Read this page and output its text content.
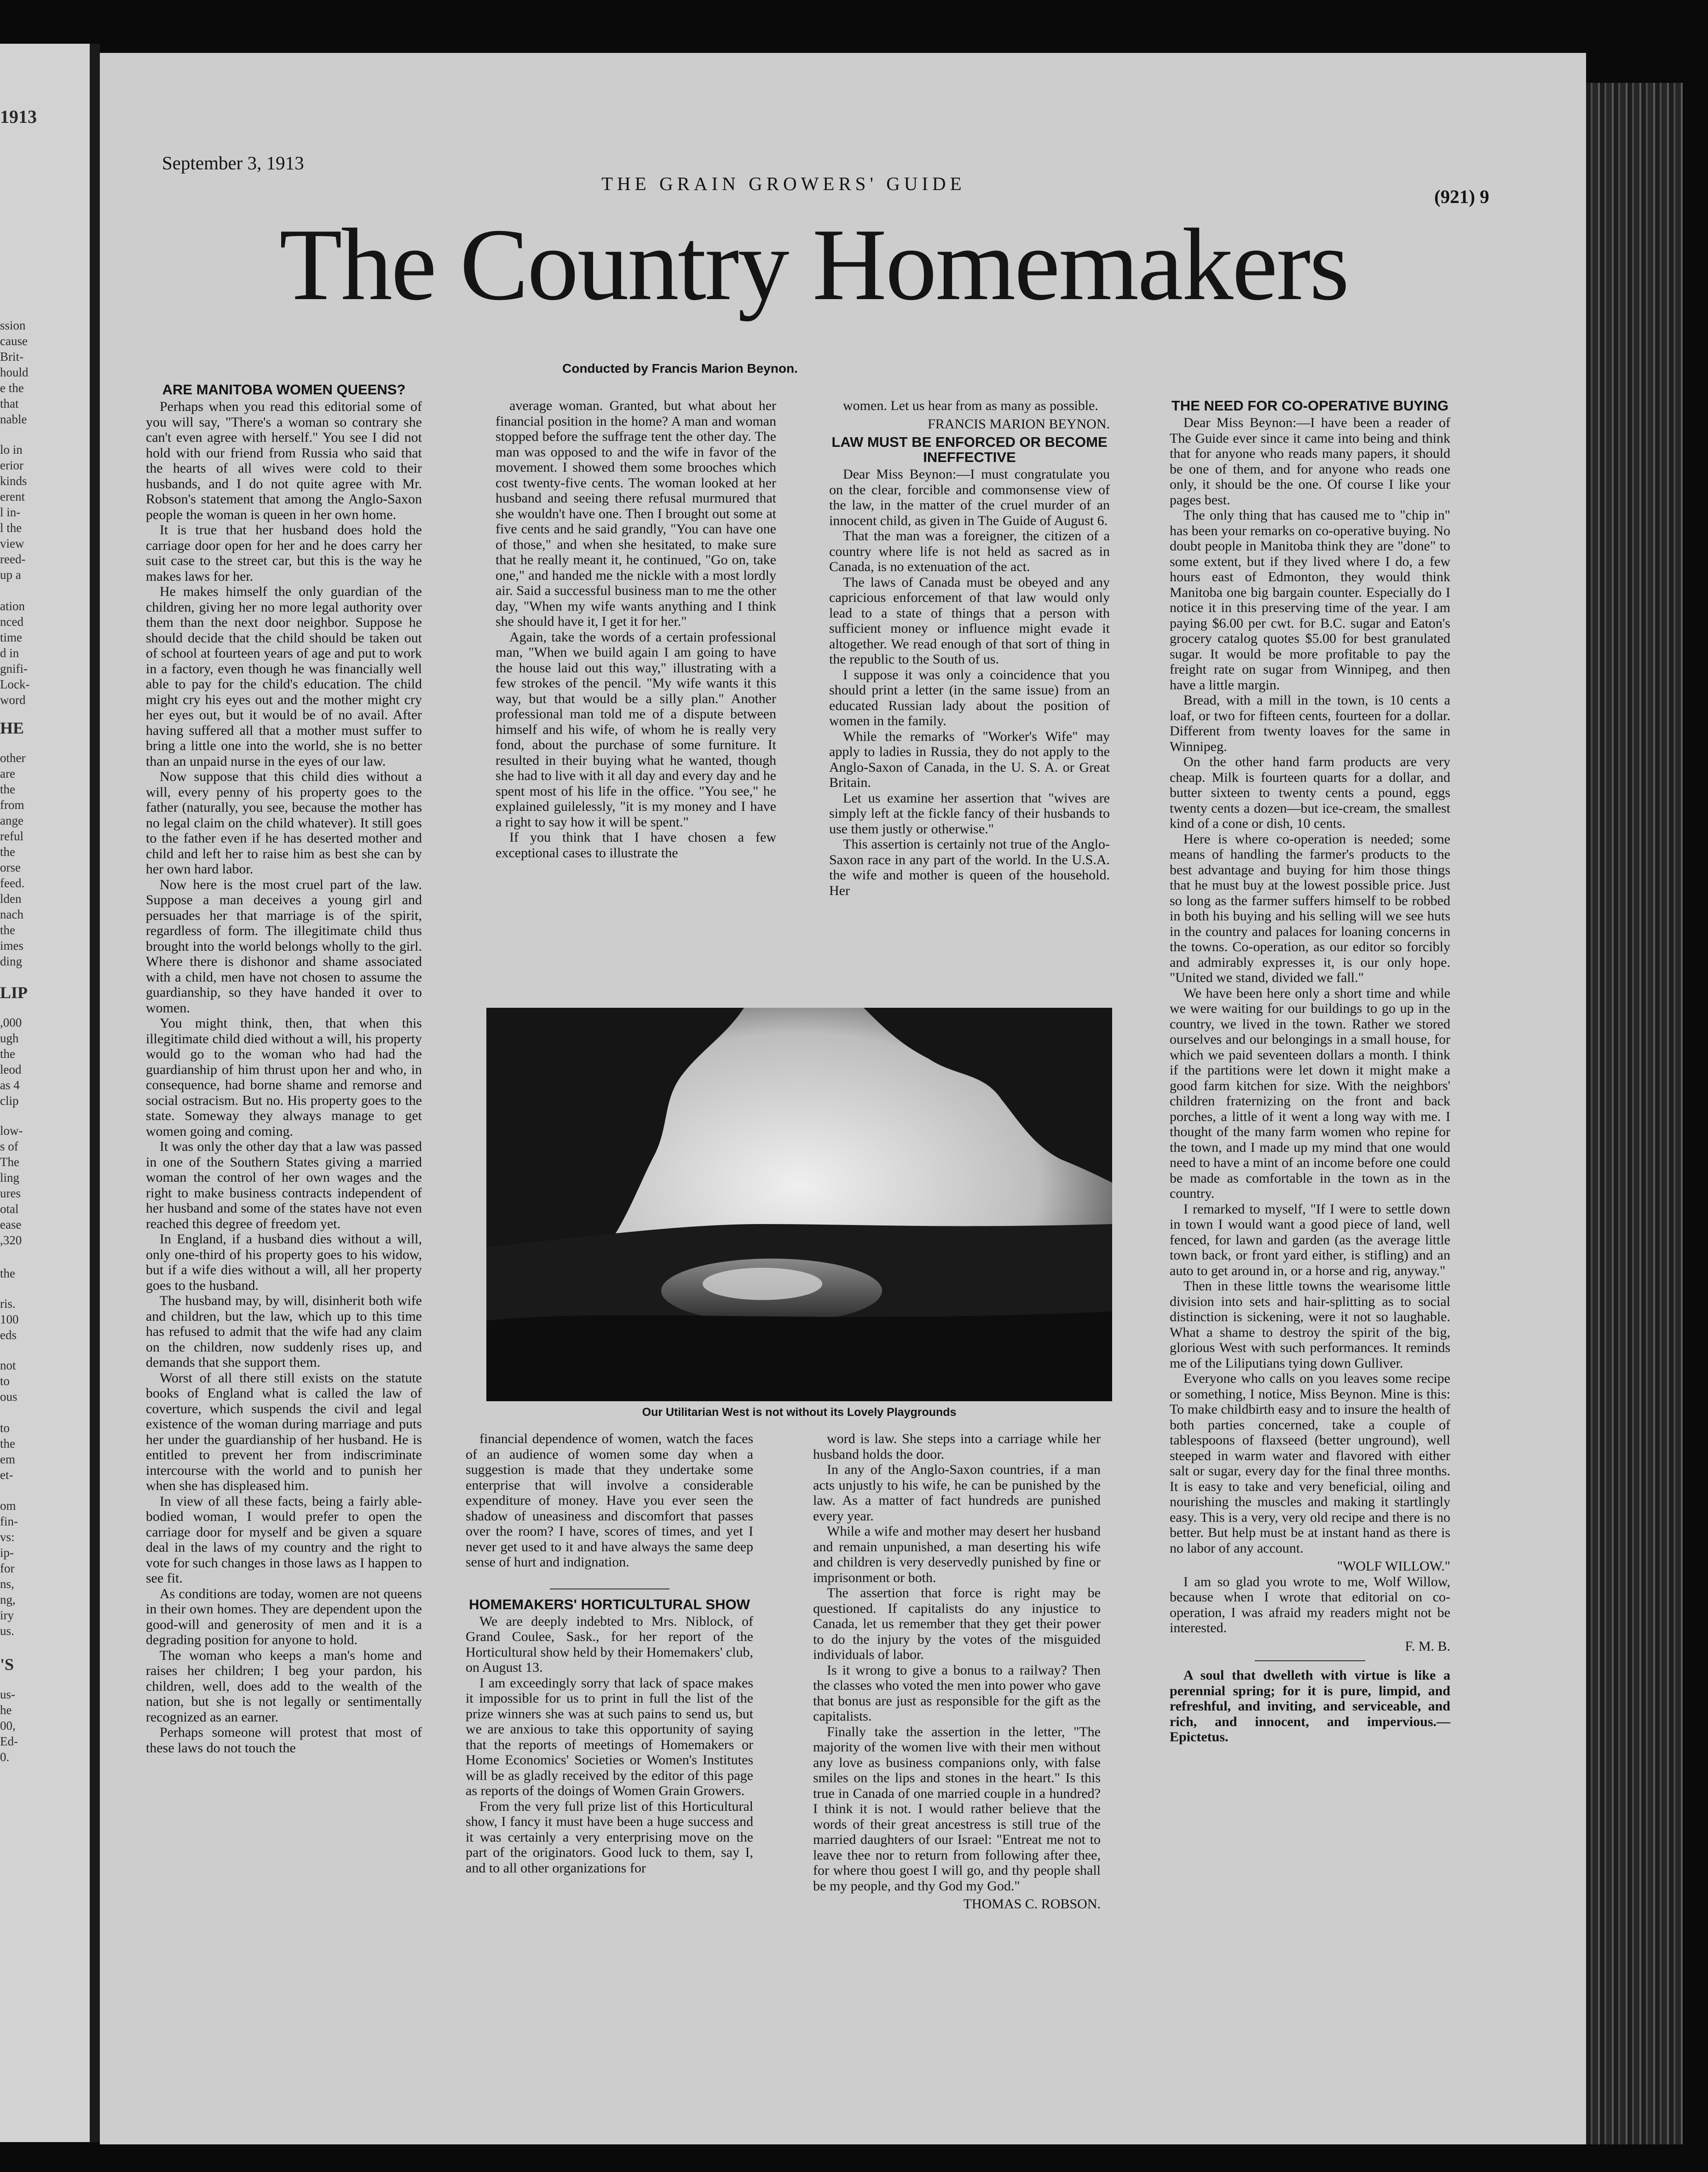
1913
ssion
cause
Brit-
hould
e the
that
nable
lo in
erior
kinds
erent
l in-
l the
view
reed-
up a
ation
nced
time
d in
gnifi-
Lock-
word
HE
other
are
the
from
ange
reful
the
orse
feed.
lden
nach
the
imes
ding
LIP
,000
ugh
the
leod
as 4
clip
low-
s of
The
ling
ures
otal
ease
,320
the
ris.
100
eds
not
to
ous
to
the
em
et-
om
fin-
vs:
ip-
for
ns,
ng,
iry
us.
'S
us-
he
00,
Ed-
0.
September 3, 1913
THE GRAIN GROWERS' GUIDE
(921) 9
The Country Homemakers
Conducted by Francis Marion Beynon.
ARE MANITOBA WOMEN QUEENS?

Perhaps when you read this editorial some of you will say, "There's a woman so contrary she can't even agree with herself." You see I did not hold with our friend from Russia who said that the hearts of all wives were cold to their husbands, and I do not quite agree with Mr. Robson's statement that among the Anglo-Saxon people the woman is queen in her own home.

It is true that her husband does hold the carriage door open for her and he does carry her suit case to the street car, but this is the way he makes laws for her.

He makes himself the only guardian of the children, giving her no more legal authority over them than the next door neighbor. Suppose he should decide that the child should be taken out of school at fourteen years of age and put to work in a factory, even though he was financially well able to pay for the child's education. The child might cry his eyes out and the mother might cry her eyes out, but it would be of no avail. After having suffered all that a mother must suffer to bring a little one into the world, she is no better than an unpaid nurse in the eyes of our law.

Now suppose that this child dies without a will, every penny of his property goes to the father (naturally, you see, because the mother has no legal claim on the child whatever). It still goes to the father even if he has deserted mother and child and left her to raise him as best she can by her own hard labor.

Now here is the most cruel part of the law. Suppose a man deceives a young girl and persuades her that marriage is of the spirit, regardless of form. The illegitimate child thus brought into the world belongs wholly to the girl. Where there is dishonor and shame associated with a child, men have not chosen to assume the guardianship, so they have handed it over to women.

You might think, then, that when this illegitimate child died without a will, his property would go to the woman who had had the guardianship of him thrust upon her and who, in consequence, had borne shame and remorse and social ostracism. But no. His property goes to the state. Someway they always manage to get women going and coming.

It was only the other day that a law was passed in one of the Southern States giving a married woman the control of her own wages and the right to make business contracts independent of her husband and some of the states have not even reached this degree of freedom yet.

In England, if a husband dies without a will, only one-third of his property goes to his widow, but if a wife dies without a will, all her property goes to the husband.

The husband may, by will, disinherit both wife and children, but the law, which up to this time has refused to admit that the wife had any claim on the children, now suddenly rises up, and demands that she support them.

Worst of all there still exists on the statute books of England what is called the law of coverture, which suspends the civil and legal existence of the woman during marriage and puts her under the guardianship of her husband. He is entitled to prevent her from indiscriminate intercourse with the world and to punish her when she has displeased him.

In view of all these facts, being a fairly able-bodied woman, I would prefer to open the carriage door for myself and be given a square deal in the laws of my country and the right to vote for such changes in those laws as I happen to see fit.

As conditions are today, women are not queens in their own homes. They are dependent upon the good-will and generosity of men and it is a degrading position for anyone to hold.

The woman who keeps a man's home and raises her children; I beg your pardon, his children, well, does add to the wealth of the nation, but she is not legally or sentimentally recognized as an earner.

Perhaps someone will protest that most of these laws do not touch the

average woman. Granted, but what about her financial position in the home? A man and woman stopped before the suffrage tent the other day. The man was opposed to and the wife in favor of the movement. I showed them some brooches which cost twenty-five cents. The woman looked at her husband and seeing there refusal murmured that she wouldn't have one. Then I brought out some at five cents and he said grandly, "You can have one of those," and when she hesitated, to make sure that he really meant it, he continued, "Go on, take one," and handed me the nickle with a most lordly air. Said a successful business man to me the other day, "When my wife wants anything and I think she should have it, I get it for her."

Again, take the words of a certain professional man, "When we build again I am going to have the house laid out this way," illustrating with a few strokes of the pencil. "My wife wants it this way, but that would be a silly plan." Another professional man told me of a dispute between himself and his wife, of whom he is really very fond, about the purchase of some furniture. It resulted in their buying what he wanted, though she had to live with it all day and every day and he spent most of his life in the office. "You see," he explained guilelessly, "it is my money and I have a right to say how it will be spent."

If you think that I have chosen a few exceptional cases to illustrate the

women. Let us hear from as many as possible.

FRANCIS MARION BEYNON.

LAW MUST BE ENFORCED OR BECOME INEFFECTIVE

Dear Miss Beynon:—I must congratulate you on the clear, forcible and commonsense view of the law, in the matter of the cruel murder of an innocent child, as given in The Guide of August 6.

That the man was a foreigner, the citizen of a country where life is not held as sacred as in Canada, is no extenuation of the act.

The laws of Canada must be obeyed and any capricious enforcement of that law would only lead to a state of things that a person with sufficient money or influence might evade it altogether. We read enough of that sort of thing in the republic to the South of us.

I suppose it was only a coincidence that you should print a letter (in the same issue) from an educated Russian lady about the position of women in the family.

While the remarks of "Worker's Wife" may apply to ladies in Russia, they do not apply to the Anglo-Saxon of Canada, in the U. S. A. or Great Britain.

Let us examine her assertion that "wives are simply left at the fickle fancy of their husbands to use them justly or otherwise."

This assertion is certainly not true of the Anglo-Saxon race in any part of the world. In the U.S.A. the wife and mother is queen of the household. Her

Our Utilitarian West is not without its Lovely Playgrounds

financial dependence of women, watch the faces of an audience of women some day when a suggestion is made that they undertake some enterprise that will involve a considerable expenditure of money. Have you ever seen the shadow of uneasiness and discomfort that passes over the room? I have, scores of times, and yet I never get used to it and have always the same deep sense of hurt and indignation.

HOMEMAKERS' HORTICULTURAL SHOW

We are deeply indebted to Mrs. Niblock, of Grand Coulee, Sask., for her report of the Horticultural show held by their Homemakers' club, on August 13.

I am exceedingly sorry that lack of space makes it impossible for us to print in full the list of the prize winners she was at such pains to send us, but we are anxious to take this opportunity of saying that the reports of meetings of Homemakers or Home Economics' Societies or Women's Institutes will be as gladly received by the editor of this page as reports of the doings of Women Grain Growers.

From the very full prize list of this Horticultural show, I fancy it must have been a huge success and it was certainly a very enterprising move on the part of the originators. Good luck to them, say I, and to all other organizations for

word is law. She steps into a carriage while her husband holds the door.

In any of the Anglo-Saxon countries, if a man acts unjustly to his wife, he can be punished by the law. As a matter of fact hundreds are punished every year.

While a wife and mother may desert her husband and remain unpunished, a man deserting his wife and children is very deservedly punished by fine or imprisonment or both.

The assertion that force is right may be questioned. If capitalists do any injustice to Canada, let us remember that they get their power to do the injury by the votes of the misguided individuals of labor.

Is it wrong to give a bonus to a railway? Then the classes who voted the men into power who gave that bonus are just as responsible for the gift as the capitalists.

Finally take the assertion in the letter, "The majority of the women live with their men without any love as business companions only, with false smiles on the lips and stones in the heart." Is this true in Canada of one married couple in a hundred? I think it is not. I would rather believe that the words of their great ancestress is still true of the married daughters of our Israel: "Entreat me not to leave thee nor to return from following after thee, for where thou goest I will go, and thy people shall be my people, and thy God my God."

THOMAS C. ROBSON.

THE NEED FOR CO-OPERATIVE BUYING

Dear Miss Beynon:—I have been a reader of The Guide ever since it came into being and think that for anyone who reads many papers, it should be one of them, and for anyone who reads one only, it should be the one. Of course I like your pages best.

The only thing that has caused me to "chip in" has been your remarks on co-operative buying. No doubt people in Manitoba think they are "done" to some extent, but if they lived where I do, a few hours east of Edmonton, they would think Manitoba one big bargain counter. Especially do I notice it in this preserving time of the year. I am paying $6.00 per cwt. for B.C. sugar and Eaton's grocery catalog quotes $5.00 for best granulated sugar. It would be more profitable to pay the freight rate on sugar from Winnipeg, and then have a little margin.

Bread, with a mill in the town, is 10 cents a loaf, or two for fifteen cents, fourteen for a dollar. Different from twenty loaves for the same in Winnipeg.

On the other hand farm products are very cheap. Milk is fourteen quarts for a dollar, and butter sixteen to twenty cents a pound, eggs twenty cents a dozen—but ice-cream, the smallest kind of a cone or dish, 10 cents.

Here is where co-operation is needed; some means of handling the farmer's products to the best advantage and buying for him those things that he must buy at the lowest possible price. Just so long as the farmer suffers himself to be robbed in both his buying and his selling will we see huts in the country and palaces for loaning concerns in the towns. Co-operation, as our editor so forcibly and admirably expresses it, is our only hope. "United we stand, divided we fall."

We have been here only a short time and while we were waiting for our buildings to go up in the country, we lived in the town. Rather we stored ourselves and our belongings in a small house, for which we paid seventeen dollars a month. I think if the partitions were let down it might make a good farm kitchen for size. With the neighbors' children fraternizing on the front and back porches, a little of it went a long way with me. I thought of the many farm women who repine for the town, and I made up my mind that one would need to have a mint of an income before one could be made as comfortable in the town as in the country.

I remarked to myself, "If I were to settle down in town I would want a good piece of land, well fenced, for lawn and garden (as the average little town back, or front yard either, is stifling) and an auto to get around in, or a horse and rig, anyway."

Then in these little towns the wearisome little division into sets and hair-splitting as to social distinction is sickening, were it not so laughable. What a shame to destroy the spirit of the big, glorious West with such performances. It reminds me of the Liliputians tying down Gulliver.

Everyone who calls on you leaves some recipe or something, I notice, Miss Beynon. Mine is this: To make childbirth easy and to insure the health of both parties concerned, take a couple of tablespoons of flaxseed (better unground), well steeped in warm water and flavored with either salt or sugar, every day for the final three months. It is easy to take and very beneficial, oiling and nourishing the muscles and making it startlingly easy. This is a very, very old recipe and there is no better. But help must be at instant hand as there is no labor of any account.

"WOLF WILLOW."

I am so glad you wrote to me, Wolf Willow, because when I wrote that editorial on co-operation, I was afraid my readers might not be interested.

F. M. B.

A soul that dwelleth with virtue is like a perennial spring; for it is pure, limpid, and refreshful, and inviting, and serviceable, and rich, and innocent, and impervious.—Epictetus.
